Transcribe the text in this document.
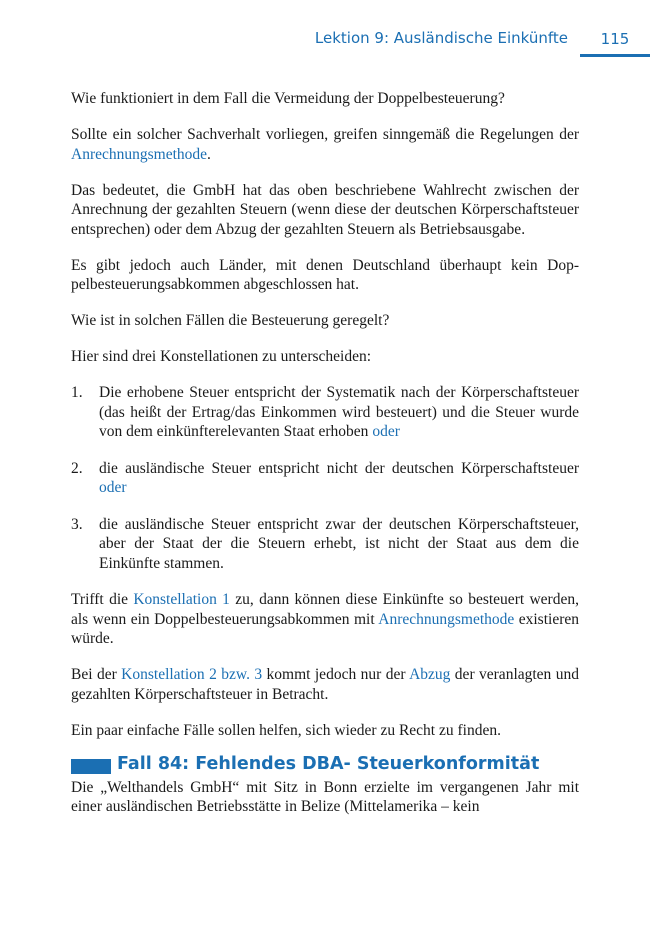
Lektion 9: Ausländische Einkünfte	115

Wie funktioniert in dem Fall die Vermeidung der Doppelbesteuerung?

Sollte ein solcher Sachverhalt vorliegen, greifen sinngemäß die Regelungen der Anrechnungsmethode.

Das bedeutet, die GmbH hat das oben beschriebene Wahlrecht zwischen der Anrechnung der gezahlten Steuern (wenn diese der deutschen Körperschaftsteuer entsprechen) oder dem Abzug der gezahlten Steuern als Betriebsausgabe.

Es gibt jedoch auch Länder, mit denen Deutschland überhaupt kein Doppelbesteuerungsabkommen abgeschlossen hat.

Wie ist in solchen Fällen die Besteuerung geregelt?

Hier sind drei Konstellationen zu unterscheiden:

1. Die erhobene Steuer entspricht der Systematik nach der Körperschaftsteuer (das heißt der Ertrag/das Einkommen wird besteuert) und die Steuer wurde von dem einkünfterelevanten Staat erhoben oder
2. die ausländische Steuer entspricht nicht der deutschen Körperschaftsteuer oder
3. die ausländische Steuer entspricht zwar der deutschen Körperschaftsteuer, aber der Staat der die Steuern erhebt, ist nicht der Staat aus dem die Einkünfte stammen.

Trifft die Konstellation 1 zu, dann können diese Einkünfte so besteuert werden, als wenn ein Doppelbesteuerungsabkommen mit Anrechnungsmethode existieren würde.

Bei der Konstellation 2 bzw. 3 kommt jedoch nur der Abzug der veranlagten und gezahlten Körperschaftsteuer in Betracht.

Ein paar einfache Fälle sollen helfen, sich wieder zu Recht zu finden.

Fall 84: Fehlendes DBA- Steuerkonformität

Die „Welthandels GmbH“ mit Sitz in Bonn erzielte im vergangenen Jahr mit einer ausländischen Betriebsstätte in Belize (Mittelamerika – kein
